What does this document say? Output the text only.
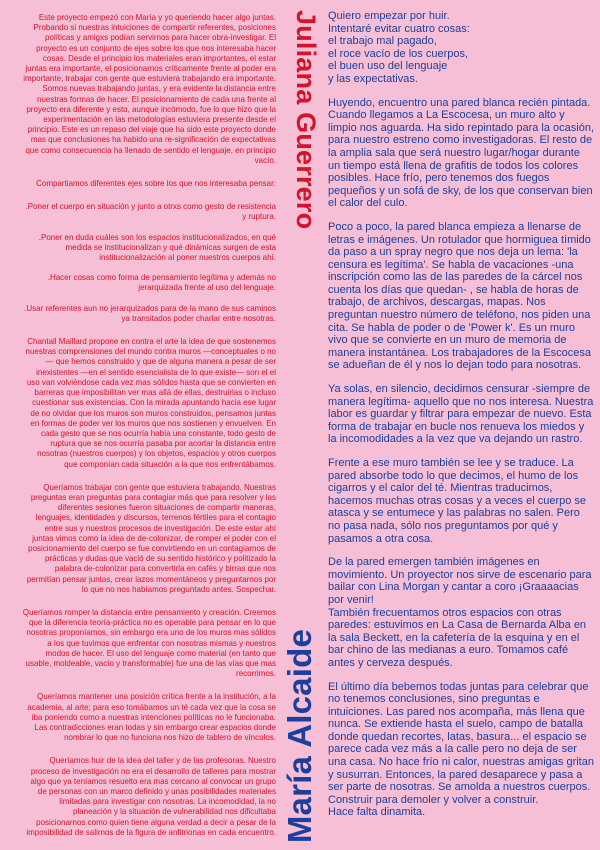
Este proyecto empezó con María y yo queriendo hacer algo juntas. Probando si nuestras intuiciones de compartir referentes, posiciones políticas y amigxs podían servirnos para hacer obra-investigar. El proyecto es un conjunto de ejes sobre los que nos interesaba hacer cosas. Desde el principio los materiales eran importantes, el estar juntas era importante, el posicionarnos críticamente frente al poder era importante, trabajar con gente que estuviera trabajando era importante. Somos nuevas trabajando juntas, y era evidente la distancia entre nuestras formas de hacer. El posicionamiento de cada una frente al proyecto era diferente y esto, aunque incómodo, fue lo que hizo que la experimentación en las metodologías estuviera presente desde el principio. Este es un repaso del viaje que ha sido este proyecto donde mas que conclusiones ha habido una re-significación de expectativas que como consecuencia ha llenado de sentido el lenguaje, en principio vacío.

Compartiamos diferentes ejes sobre los que nos interesaba pensar:

.Poner el cuerpo en situación y junto a otrxs como gesto de resistencia y ruptura.

.Poner en duda cuáles son los espacios institucionalizados, en qué medida se institucionalizan y qué dinámicas surgen de esta institucionalización al poner nuestros cuerpos ahí.

.Hacer cosas como forma de pensamiento legítima y además no jerarquizada frente al uso del lenguaje.

.Usar referentes aun no jerarquizados para de la mano de sus caminos ya transitados poder charlar entre nosotras.

Chantall Maillard propone en contra el arte la idea de que sostenemos nuestras comprensiones del mundo contra muros —conceptuales o no— que hemos construido y que de alguna manera a pesar de ser inexistentes —en el sentido esencialista de lo que existe— son el el uso van volviéndose cada vez mas sólidos hasta que se convierten en barreras que imposibilitan ver mas allá de ellas, destruirlas o incluso cuestionar sus existencias. Con la mirada apuntando hacia ese lugar de no olvidar que los muros son muros construidos, pensamos juntas en formas de poder ver los muros que nos sostienen y envuelven. En cada gesto que se nos ocurría había una constante, todo gesto de ruptura que se nos ocurría pasaba por acortar la distancia entre nosotras (nuestros cuerpos) y los objetos, espacios y otros cuerpos que componían cada situación a la que nos enfrentábamos.

Queríamos trabajar con gente que estuviera trabajando. Nuestras preguntas eran preguntas para contagiar más que para resolver y las diferentes sesiones fueron situaciones de compartir maneras, lenguajes, identidades y discursos, terrenos fértiles para el contagio entre sus y nuestros procesos de investigación. De este estar ahí juntas vimos como la idea de de-colonizar, de romper el poder con el posicionamiento del cuerpo se fue convirtiendo en un contagiarnos de prácticas y dudas que vació de su sentido histórico y politizado la palabra de-colonizar para convertirla en cafés y birras que nos permitían pensar juntas, crear lazos momentáneos y preguntarnos por lo que no nos habíamos preguntado antes. Sospechar.

Queríamos romper la distancia entre pensamiento y creación. Creemos que la diferencia teoría-práctica no es operable para pensar en lo que nosotras proponíamos, sin embargo era uno de los muros mas sólidos a los que tuvimos que enfrentar con nosotras mismas y nuestros modos de hacer. El uso del lenguaje como material (en tanto que usable, moldeable, vacío y transformable) fue una de las vías que mas recorrimos.

Queríamos mantener una posición crítica frente a la institución, a la academia, al arte; para eso tomábamos un té cada vez que la cosa se iba poniendo como a nuestras intenciones políticas no le funcionaba. Las contradicciones eran todas y sin embargo crear espacios donde nombrar lo que no funciona nos hizo de tablero de vínculos.

Queríamos huir de la idea del taller y de las profesoras. Nuestro proceso de investigación no era el desarrollo de talleres para mostrar algo que ya teníamos resuelto era mas cercano al convocar un grupo de personas con un marco definido y unas posibilidades materiales limitadas para investigar con nosotras. La incomodidad, la no planeación y la situación de vulnerabilidad nos dificultaba posicionarnos como quien tiene alguna verdad a decir a pesar de la imposibilidad de salirnos de la figura de anfitrionas en cada encuentro.

Juliana Guerrero
María Alcaide

Quiero empezar por huir.
Intentaré evitar cuatro cosas:
el trabajo mal pagado,
el roce vacío de los cuerpos,
el buen uso del lenguaje
y las expectativas.

Huyendo, encuentro una pared blanca recién pintada.
Cuando llegamos a La Escocesa, un muro alto y limpio nos aguarda. Ha sido repintado para la ocasión, para nuestro estreno como investigadoras. El resto de la amplia sala que será nuestro lugar/hogar durante un tiempo está llena de grafitis de todos los colores posibles. Hace frío, pero tenemos dos fuegos pequeños y un sofá de sky, de los que conservan bien el calor del culo.

Poco a poco, la pared blanca empieza a llenarse de letras e imágenes. Un rotulador que hormiguea tímido da paso a un spray negro que nos deja un lema: 'la censura es legítima'. Se habla de vacaciones -una inscripción como las de las paredes de la cárcel nos cuenta los días que quedan- , se habla de horas de trabajo, de archivos, descargas, mapas. Nos preguntan nuestro número de teléfono, nos piden una cita. Se habla de poder o de 'Power k'. Es un muro vivo que se convierte en un muro de memoria de manera instantánea. Los trabajadores de la Escocesa se adueñan de él y nos lo dejan todo para nosotras.

Ya solas, en silencio, decidimos censurar -siempre de manera legítima- aquello que no nos interesa. Nuestra labor es guardar y filtrar para empezar de nuevo. Esta forma de trabajar en bucle nos renueva los miedos y la incomodidades a la vez que va dejando un rastro.

Frente a ese muro también se lee y se traduce. La pared absorbe todo lo que decimos, el humo de los cigarros y el calor del té. Mientras traducimos, hacemos muchas otras cosas y a veces el cuerpo se atasca y se entumece y las palabras no salen. Pero no pasa nada, sólo nos preguntamos por qué y pasamos a otra cosa.

De la pared emergen también imágenes en movimiento. Un proyector nos sirve de escenario para bailar con Lina Morgan y cantar a coro ¡Graaaacias por venir!
También frecuentamos otros espacios con otras paredes: estuvimos en La Casa de Bernarda Alba en la sala Beckett, en la cafetería de la esquina y en el bar chino de las medianas a euro. Tomamos café antes y cerveza después.

El último día bebemos todas juntas para celebrar que no tenemos conclusiones, sino preguntas e intuiciones. Las pared nos acompaña, más llena que nunca. Se extiende hasta el suelo, campo de batalla donde quedan recortes, latas, basura... el espacio se parece cada vez más a la calle pero no deja de ser una casa. No hace frío ni calor, nuestras amigas gritan y susurran. Entonces, la pared desaparece y pasa a ser parte de nosotras. Se amolda a nuestros cuerpos.
Construir para demoler y volver a construir.
Hace falta dinamita.
